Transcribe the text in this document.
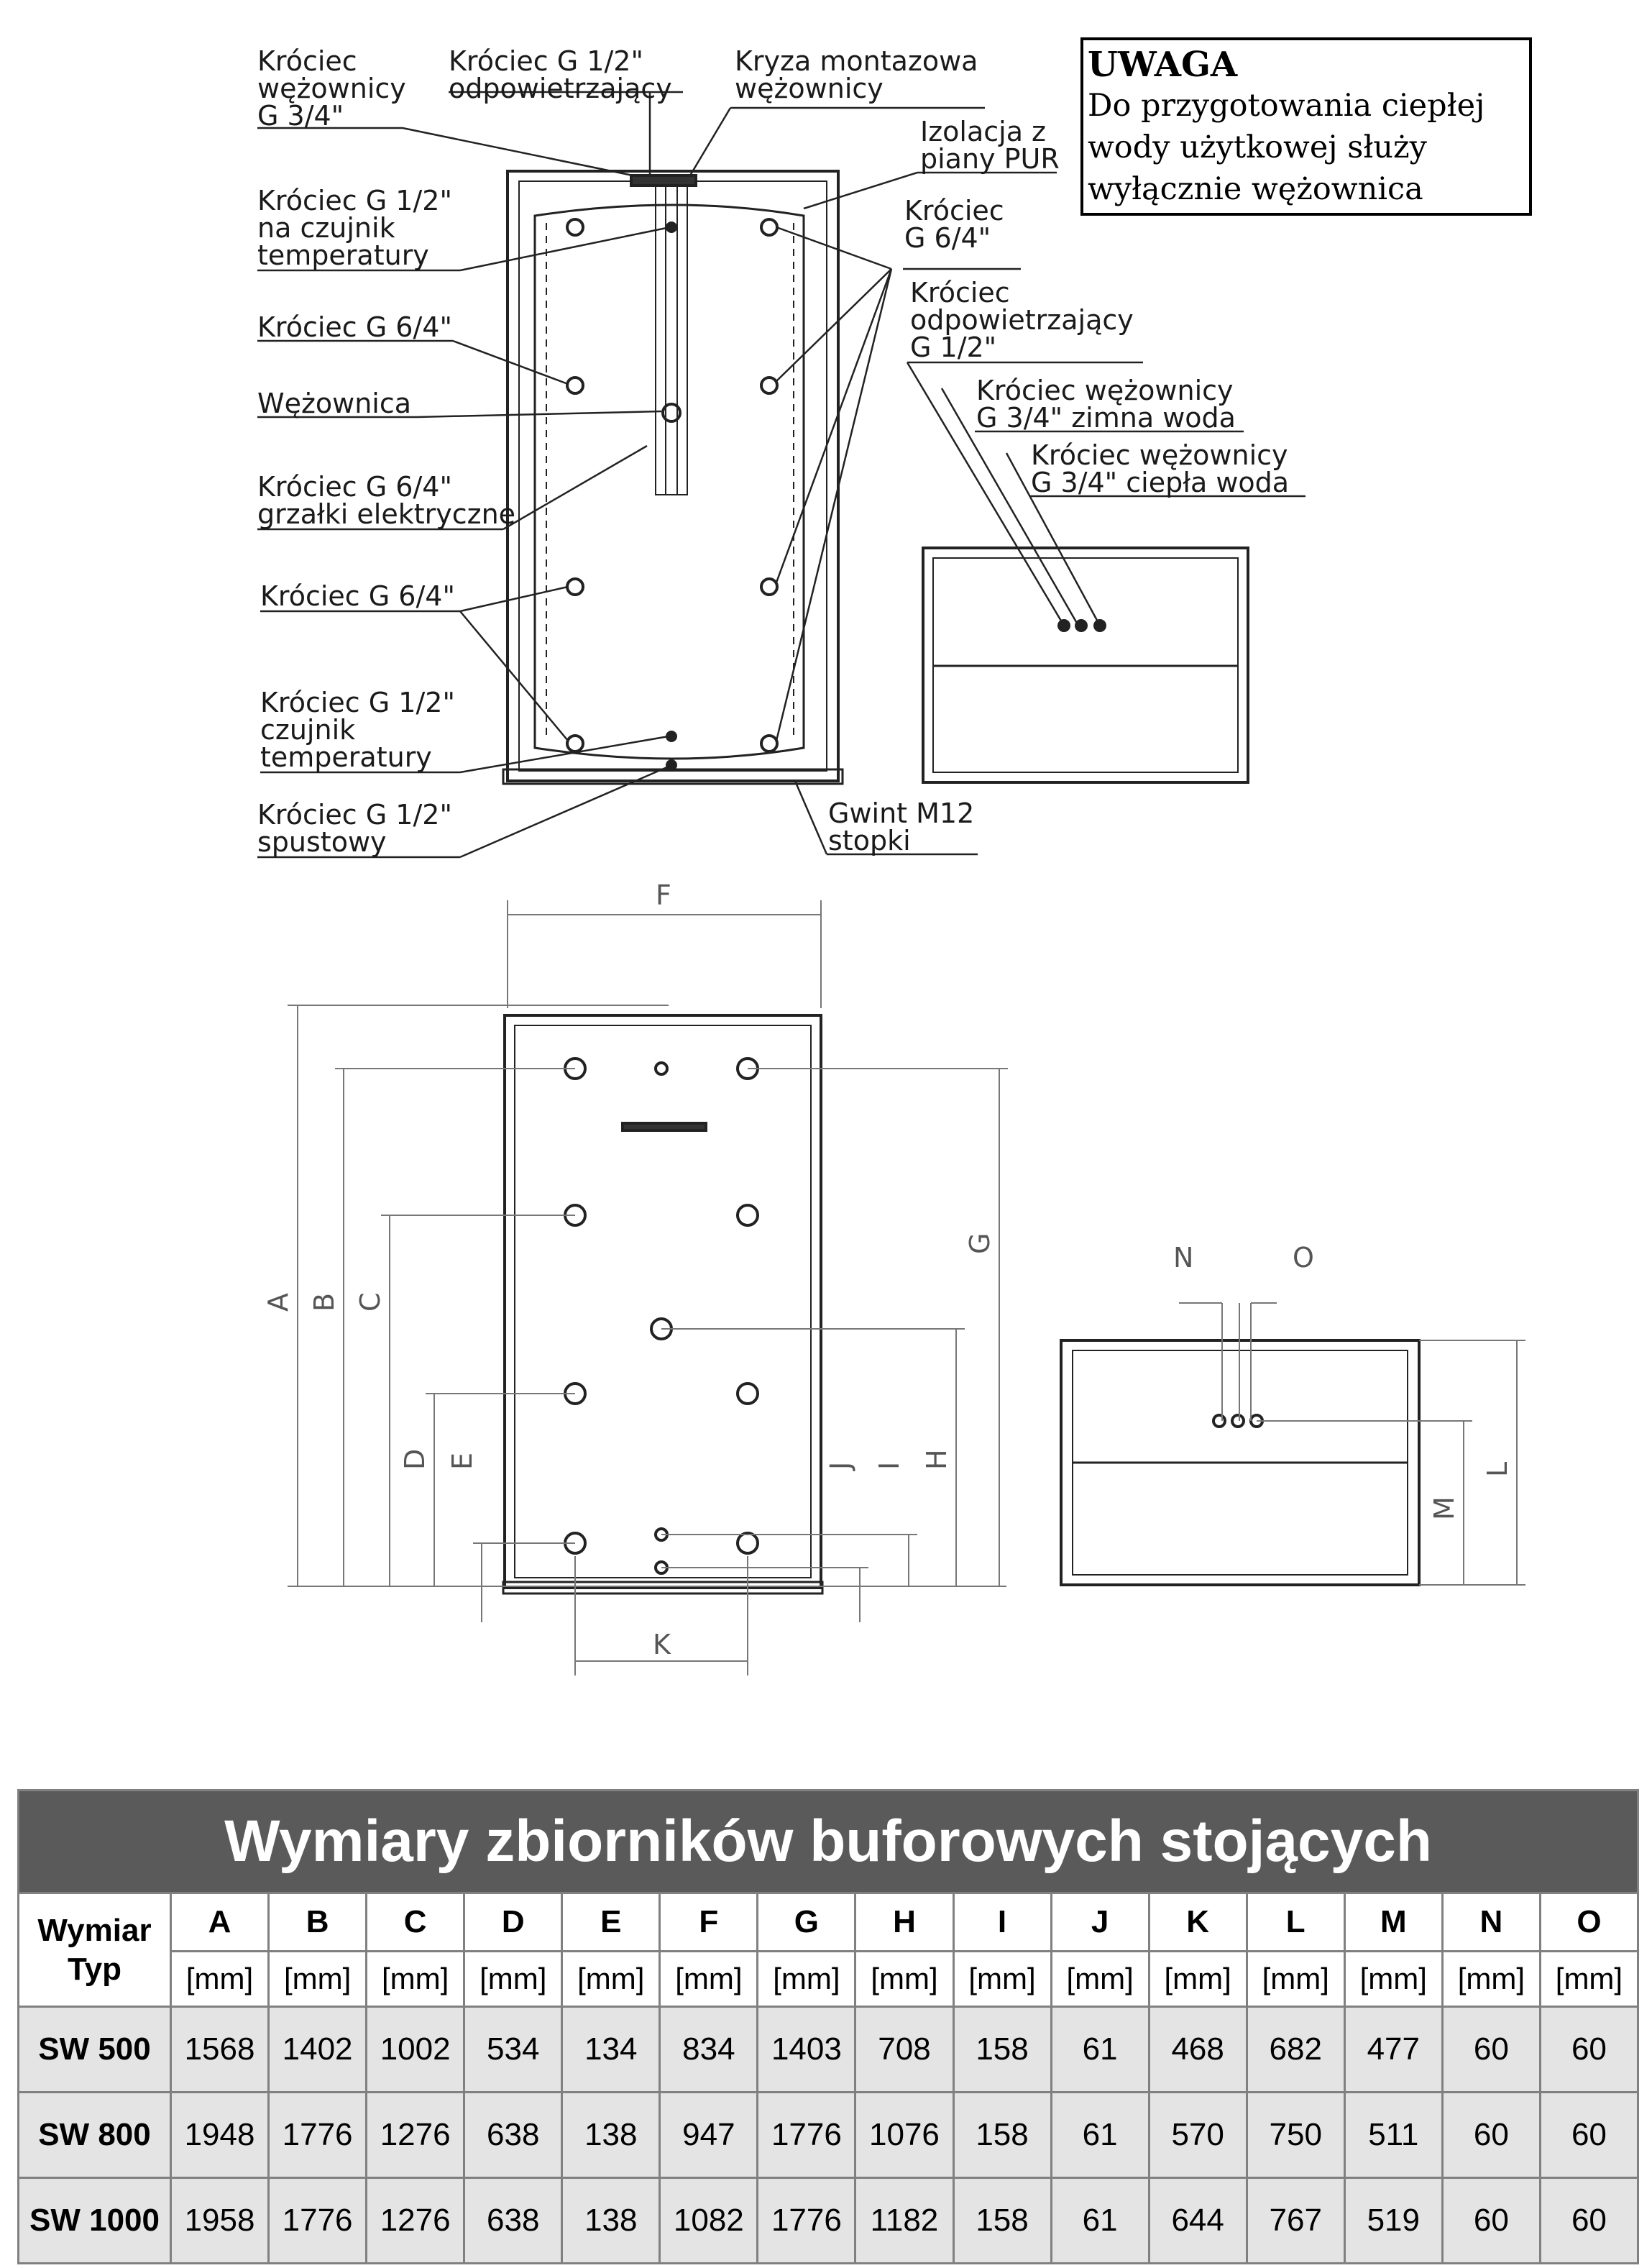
F
A B C
D E
G
H
I
J
K
L
M
N	O
Króciec wężownicy G 3/4"
Króciec G 1/2" na czujnik temperatury
Króciec G 6/4"
Wężownica
Króciec G 6/4" grzałki elektryczne
Króciec G 6/4"
Króciec G 1/2" czujnik temperatury
Króciec G 1/2" spustowy
Króciec G 1/2" odpowietrzający
Kryza montazowa wężownicy
Izolacja z piany PUR
Króciec G 6/4"
Króciec odpowietrzający G 1/2"
Króciec wężownicy G 3/4" zimna woda
Króciec wężownicy G 3/4" ciepła woda
Gwint M12 stopki
UWAGA
Do przygotowania ciepłej
wody użytkowej służy
wyłącznie wężownica
Wymiary zbiorników buforowych stojących															

Wymiar
Typ	A	B	C	D	E	F	G	H	I	J	K	L	M	N	O
	[mm]	[mm]	[mm]	[mm]	[mm]	[mm]	[mm]	[mm]	[mm]	[mm]	[mm]	[mm]	[mm]	[mm]	[mm]
SW 500	1568	1402	1002	534	134	834	1403	708	158	61	468	682	477	60	60
SW 800	1948	1776	1276	638	138	947	1776	1076	158	61	570	750	511	60	60
SW 1000	1958	1776	1276	638	138	1082	1776	1182	158	61	644	767	519	60	60
